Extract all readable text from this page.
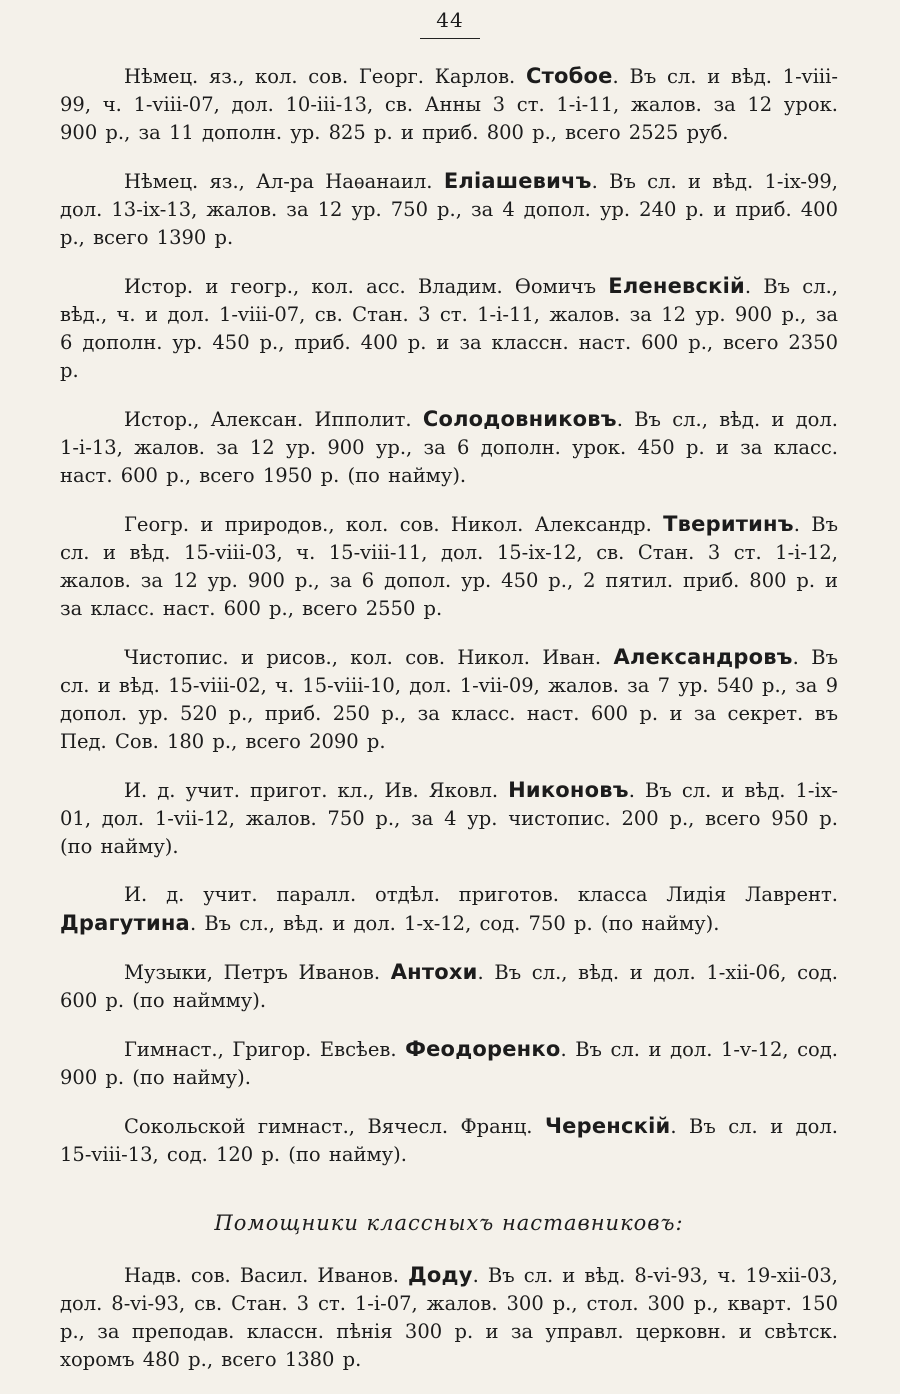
44

Нѣмец. яз., кол. сов. Георг. Карлов. Стобое. Въ сл. и вѣд. 1-viii-99, ч. 1-viii-07, дол. 10-iii-13, св. Анны 3 ст. 1-i-11, жалов. за 12 урок. 900 р., за 11 дополн. ур. 825 р. и приб. 800 р., всего 2525 руб.

Нѣмец. яз., Ал-ра Наѳанаил. Еліашевичъ. Въ сл. и вѣд. 1-ix-99, дол. 13-ix-13, жалов. за 12 ур. 750 р., за 4 допол. ур. 240 р. и приб. 400 р., всего 1390 р.

Истор. и геогр., кол. асс. Владим. Ѳомичъ Еленевскій. Въ сл., вѣд., ч. и дол. 1-viii-07, св. Стан. 3 ст. 1-i-11, жалов. за 12 ур. 900 р., за 6 дополн. ур. 450 р., приб. 400 р. и за классн. наст. 600 р., всего 2350 р.

Истор., Алексан. Ипполит. Солодовниковъ. Въ сл., вѣд. и дол. 1-i-13, жалов. за 12 ур. 900 ур., за 6 дополн. урок. 450 р. и за класс. наст. 600 р., всего 1950 р. (по найму).

Геогр. и природов., кол. сов. Никол. Александр. Тверитинъ. Въ сл. и вѣд. 15-viii-03, ч. 15-viii-11, дол. 15-ix-12, св. Стан. 3 ст. 1-i-12, жалов. за 12 ур. 900 р., за 6 допол. ур. 450 р., 2 пятил. приб. 800 р. и за класс. наст. 600 р., всего 2550 р.

Чистопис. и рисов., кол. сов. Никол. Иван. Александровъ. Въ сл. и вѣд. 15-viii-02, ч. 15-viii-10, дол. 1-vii-09, жалов. за 7 ур. 540 р., за 9 допол. ур. 520 р., приб. 250 р., за класс. наст. 600 р. и за секрет. въ Пед. Сов. 180 р., всего 2090 р.

И. д. учит. пригот. кл., Ив. Яковл. Никоновъ. Въ сл. и вѣд. 1-ix-01, дол. 1-vii-12, жалов. 750 р., за 4 ур. чистопис. 200 р., всего 950 р. (по найму).

И. д. учит. паралл. отдѣл. приготов. класса Лидія Лаврент. Драгутина. Въ сл., вѣд. и дол. 1-x-12, сод. 750 р. (по найму).

Музыки, Петръ Иванов. Антохи. Въ сл., вѣд. и дол. 1-xii-06, сод. 600 р. (по наймму).

Гимнаст., Григор. Евсѣев. Феодоренко. Въ сл. и дол. 1-v-12, сод. 900 р. (по найму).

Сокольской гимнаст., Вячесл. Франц. Черенскій. Въ сл. и дол. 15-viii-13, сод. 120 р. (по найму).

Помощники классныхъ наставниковъ:

Надв. сов. Васил. Иванов. Доду. Въ сл. и вѣд. 8-vi-93, ч. 19-xii-03, дол. 8-vi-93, св. Стан. 3 ст. 1-i-07, жалов. 300 р., стол. 300 р., кварт. 150 р., за преподав. классн. пѣнія 300 р. и за управл. церковн. и свѣтск. хоромъ 480 р., всего 1380 р.
